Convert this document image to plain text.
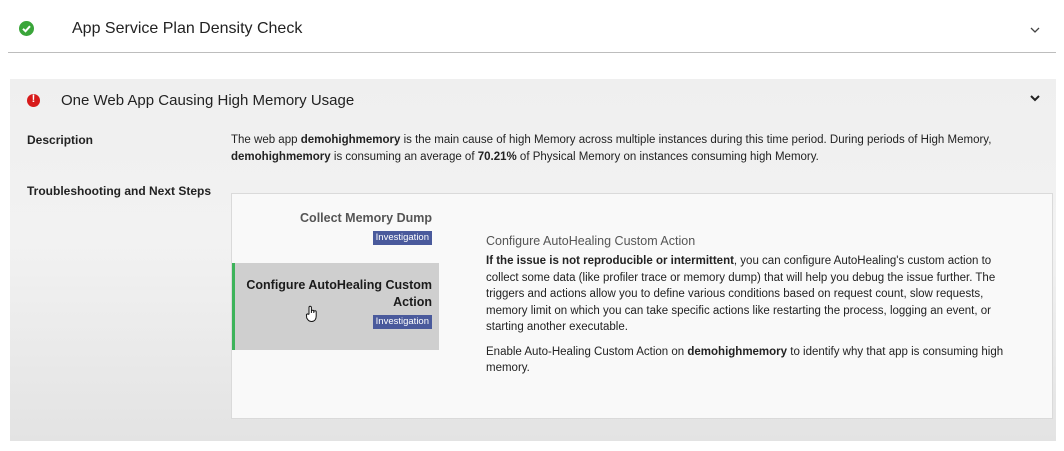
App Service Plan Density Check
!	One Web App Causing High Memory Usage
Description	The web app demohighmemory is the main cause of high Memory across multiple instances during this time period. During periods of High Memory, demohighmemory is consuming an average of 70.21% of Physical Memory on instances consuming high Memory.
Troubleshooting and Next Steps
Collect Memory Dump
Investigation
Configure AutoHealing Custom Action
Investigation
Configure AutoHealing Custom Action

If the issue is not reproducible or intermittent, you can configure AutoHealing's custom action to collect some data (like profiler trace or memory dump) that will help you debug the issue further. The triggers and actions allow you to define various conditions based on request count, slow requests, memory limit on which you can take specific actions like restarting the process, logging an event, or starting another executable.

Enable Auto-Healing Custom Action on demohighmemory to identify why that app is consuming high memory.
